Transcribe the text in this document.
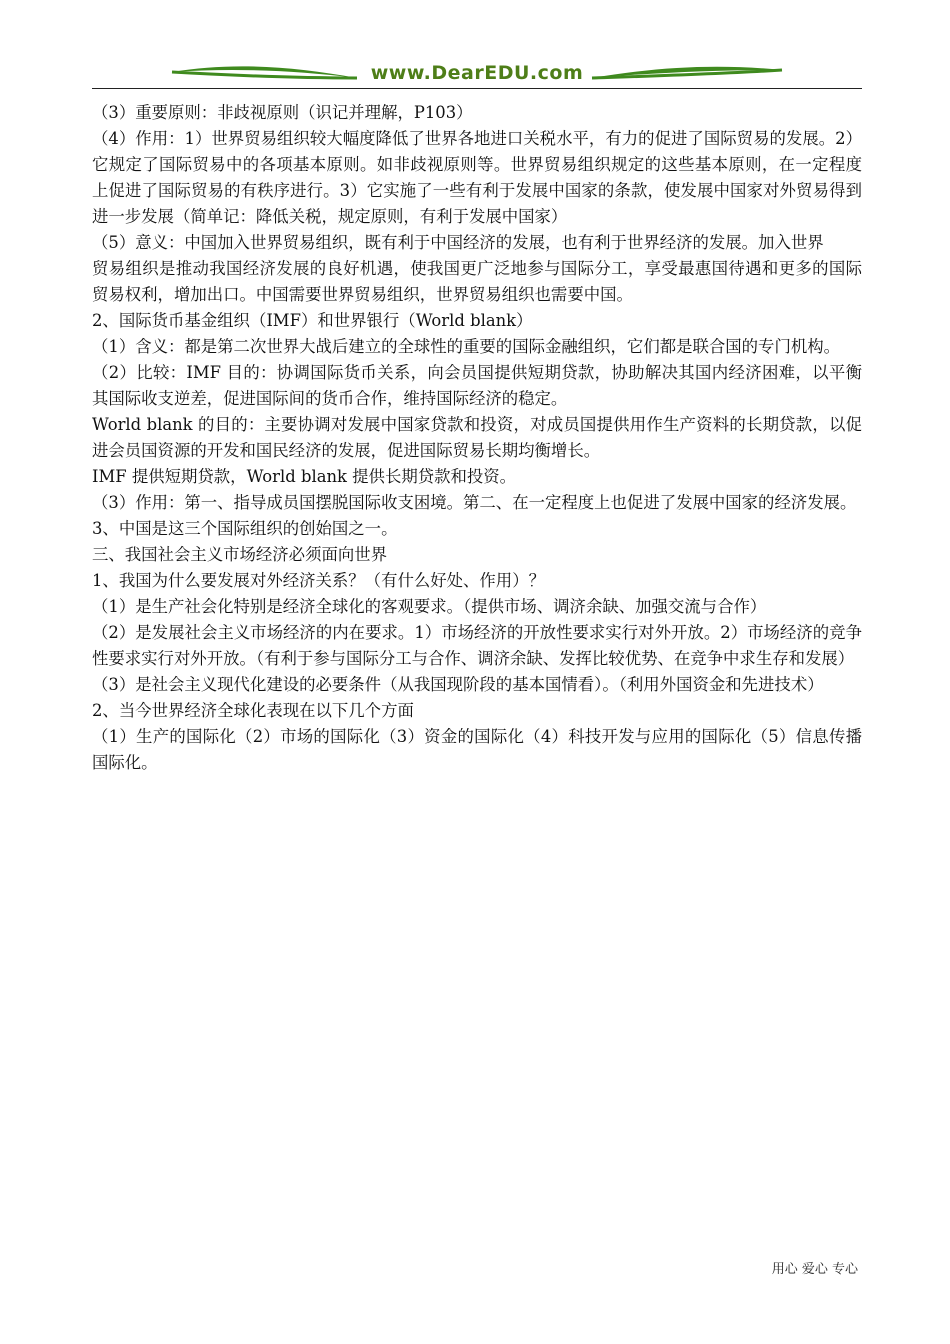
www.DearEDU.com

（3）重要原则：非歧视原则（识记并理解，P103）

（4）作用：1）世界贸易组织较大幅度降低了世界各地进口关税水平，有力的促进了国际贸易的发展。2）它规定了国际贸易中的各项基本原则。如非歧视原则等。世界贸易组织规定的这些基本原则，在一定程度上促进了国际贸易的有秩序进行。3）它实施了一些有利于发展中国家的条款，使发展中国家对外贸易得到进一步发展（简单记：降低关税，规定原则，有利于发展中国家）

（5）意义：中国加入世界贸易组织，既有利于中国经济的发展，也有利于世界经济的发展。加入世界

贸易组织是推动我国经济发展的良好机遇，使我国更广泛地参与国际分工，享受最惠国待遇和更多的国际贸易权利，增加出口。中国需要世界贸易组织，世界贸易组织也需要中国。

2、国际货币基金组织（IMF）和世界银行（World blank）

（1）含义：都是第二次世界大战后建立的全球性的重要的国际金融组织，它们都是联合国的专门机构。

（2）比较：IMF 目的：协调国际货币关系，向会员国提供短期贷款，协助解决其国内经济困难，以平衡其国际收支逆差，促进国际间的货币合作，维持国际经济的稳定。

World blank 的目的：主要协调对发展中国家贷款和投资，对成员国提供用作生产资料的长期贷款，以促进会员国资源的开发和国民经济的发展，促进国际贸易长期均衡增长。

IMF 提供短期贷款，World blank 提供长期贷款和投资。

（3）作用：第一、指导成员国摆脱国际收支困境。第二、在一定程度上也促进了发展中国家的经济发展。

3、中国是这三个国际组织的创始国之一。

三、我国社会主义市场经济必须面向世界

1、我国为什么要发展对外经济关系？（有什么好处、作用）？

（1）是生产社会化特别是经济全球化的客观要求。（提供市场、调济余缺、加强交流与合作）

（2）是发展社会主义市场经济的内在要求。1）市场经济的开放性要求实行对外开放。2）市场经济的竞争性要求实行对外开放。（有利于参与国际分工与合作、调济余缺、发挥比较优势、在竞争中求生存和发展）

（3）是社会主义现代化建设的必要条件（从我国现阶段的基本国情看）。（利用外国资金和先进技术）

2、当今世界经济全球化表现在以下几个方面

（1）生产的国际化（2）市场的国际化（3）资金的国际化（4）科技开发与应用的国际化（5）信息传播国际化。

用心 爱心 专心
